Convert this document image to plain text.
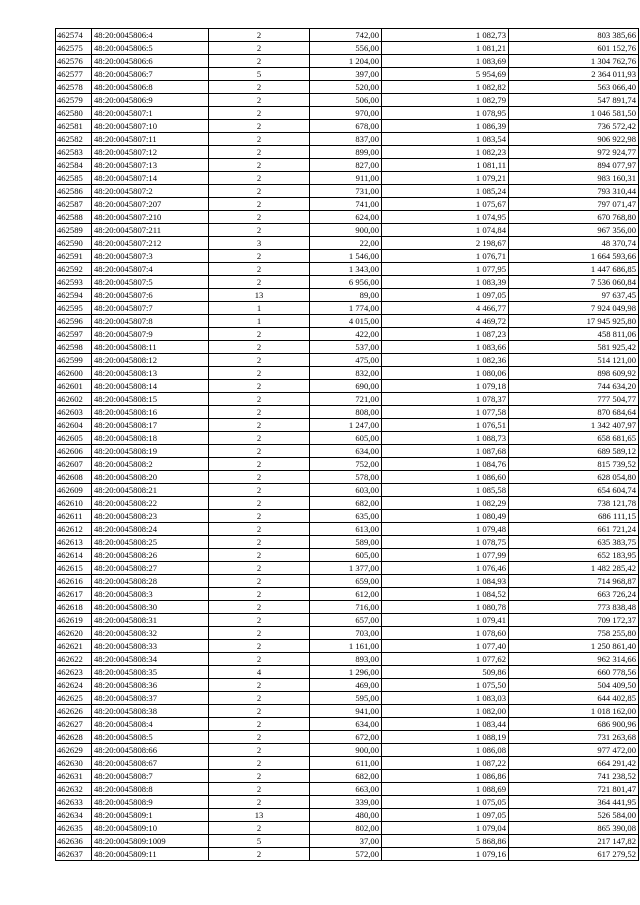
462574	48:20:0045806:4	2	742,00	1 082,73	803 385,66
462575	48:20:0045806:5	2	556,00	1 081,21	601 152,76
462576	48:20:0045806:6	2	1 204,00	1 083,69	1 304 762,76
462577	48:20:0045806:7	5	397,00	5 954,69	2 364 011,93
462578	48:20:0045806:8	2	520,00	1 082,82	563 066,40
462579	48:20:0045806:9	2	506,00	1 082,79	547 891,74
462580	48:20:0045807:1	2	970,00	1 078,95	1 046 581,50
462581	48:20:0045807:10	2	678,00	1 086,39	736 572,42
462582	48:20:0045807:11	2	837,00	1 083,54	906 922,98
462583	48:20:0045807:12	2	899,00	1 082,23	972 924,77
462584	48:20:0045807:13	2	827,00	1 081,11	894 077,97
462585	48:20:0045807:14	2	911,00	1 079,21	983 160,31
462586	48:20:0045807:2	2	731,00	1 085,24	793 310,44
462587	48:20:0045807:207	2	741,00	1 075,67	797 071,47
462588	48:20:0045807:210	2	624,00	1 074,95	670 768,80
462589	48:20:0045807:211	2	900,00	1 074,84	967 356,00
462590	48:20:0045807:212	3	22,00	2 198,67	48 370,74
462591	48:20:0045807:3	2	1 546,00	1 076,71	1 664 593,66
462592	48:20:0045807:4	2	1 343,00	1 077,95	1 447 686,85
462593	48:20:0045807:5	2	6 956,00	1 083,39	7 536 060,84
462594	48:20:0045807:6	13	89,00	1 097,05	97 637,45
462595	48:20:0045807:7	1	1 774,00	4 466,77	7 924 049,98
462596	48:20:0045807:8	1	4 015,00	4 469,72	17 945 925,80
462597	48:20:0045807:9	2	422,00	1 087,23	458 811,06
462598	48:20:0045808:11	2	537,00	1 083,66	581 925,42
462599	48:20:0045808:12	2	475,00	1 082,36	514 121,00
462600	48:20:0045808:13	2	832,00	1 080,06	898 609,92
462601	48:20:0045808:14	2	690,00	1 079,18	744 634,20
462602	48:20:0045808:15	2	721,00	1 078,37	777 504,77
462603	48:20:0045808:16	2	808,00	1 077,58	870 684,64
462604	48:20:0045808:17	2	1 247,00	1 076,51	1 342 407,97
462605	48:20:0045808:18	2	605,00	1 088,73	658 681,65
462606	48:20:0045808:19	2	634,00	1 087,68	689 589,12
462607	48:20:0045808:2	2	752,00	1 084,76	815 739,52
462608	48:20:0045808:20	2	578,00	1 086,60	628 054,80
462609	48:20:0045808:21	2	603,00	1 085,58	654 604,74
462610	48:20:0045808:22	2	682,00	1 082,29	738 121,78
462611	48:20:0045808:23	2	635,00	1 080,49	686 111,15
462612	48:20:0045808:24	2	613,00	1 079,48	661 721,24
462613	48:20:0045808:25	2	589,00	1 078,75	635 383,75
462614	48:20:0045808:26	2	605,00	1 077,99	652 183,95
462615	48:20:0045808:27	2	1 377,00	1 076,46	1 482 285,42
462616	48:20:0045808:28	2	659,00	1 084,93	714 968,87
462617	48:20:0045808:3	2	612,00	1 084,52	663 726,24
462618	48:20:0045808:30	2	716,00	1 080,78	773 838,48
462619	48:20:0045808:31	2	657,00	1 079,41	709 172,37
462620	48:20:0045808:32	2	703,00	1 078,60	758 255,80
462621	48:20:0045808:33	2	1 161,00	1 077,40	1 250 861,40
462622	48:20:0045808:34	2	893,00	1 077,62	962 314,66
462623	48:20:0045808:35	4	1 296,00	509,86	660 778,56
462624	48:20:0045808:36	2	469,00	1 075,50	504 409,50
462625	48:20:0045808:37	2	595,00	1 083,03	644 402,85
462626	48:20:0045808:38	2	941,00	1 082,00	1 018 162,00
462627	48:20:0045808:4	2	634,00	1 083,44	686 900,96
462628	48:20:0045808:5	2	672,00	1 088,19	731 263,68
462629	48:20:0045808:66	2	900,00	1 086,08	977 472,00
462630	48:20:0045808:67	2	611,00	1 087,22	664 291,42
462631	48:20:0045808:7	2	682,00	1 086,86	741 238,52
462632	48:20:0045808:8	2	663,00	1 088,69	721 801,47
462633	48:20:0045808:9	2	339,00	1 075,05	364 441,95
462634	48:20:0045809:1	13	480,00	1 097,05	526 584,00
462635	48:20:0045809:10	2	802,00	1 079,04	865 390,08
462636	48:20:0045809:1009	5	37,00	5 868,86	217 147,82
462637	48:20:0045809:11	2	572,00	1 079,16	617 279,52
